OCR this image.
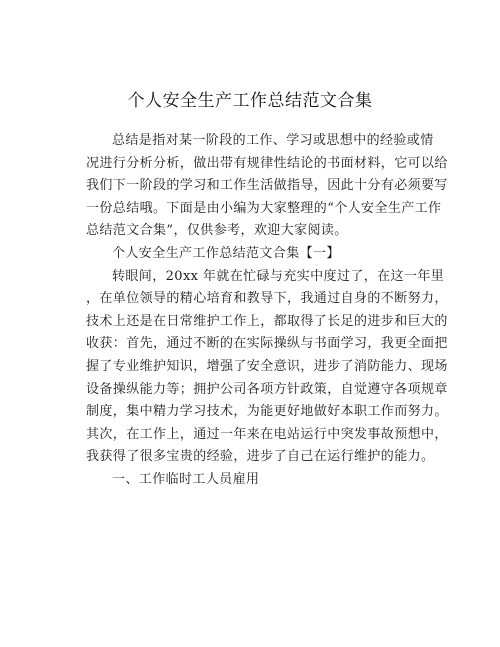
个人安全生产工作总结范文合集
总结是指对某一阶段的工作、学习或思想中的经验或情
况进行分析分析，做出带有规律性结论的书面材料，它可以给
我们下一阶段的学习和工作生活做指导，因此十分有必须要写
一份总结哦。下面是由小编为大家整理的“个人安全生产工作
总结范文合集”，仅供参考，欢迎大家阅读。
个人安全生产工作总结范文合集【一】
转眼间，20xx 年就在忙碌与充实中度过了，在这一年里
，在单位领导的精心培育和教导下，我通过自身的不断努力，
技术上还是在日常维护工作上，都取得了长足的进步和巨大的
收获：首先，通过不断的在实际操纵与书面学习，我更全面把
握了专业维护知识，增强了安全意识，进步了消防能力、现场
设备操纵能力等；拥护公司各项方针政策，自觉遵守各项规章
制度，集中精力学习技术，为能更好地做好本职工作而努力。
其次，在工作上，通过一年来在电站运行中突发事故预想中，
我获得了很多宝贵的经验，进步了自己在运行维护的能力。
一、工作临时工人员雇用
